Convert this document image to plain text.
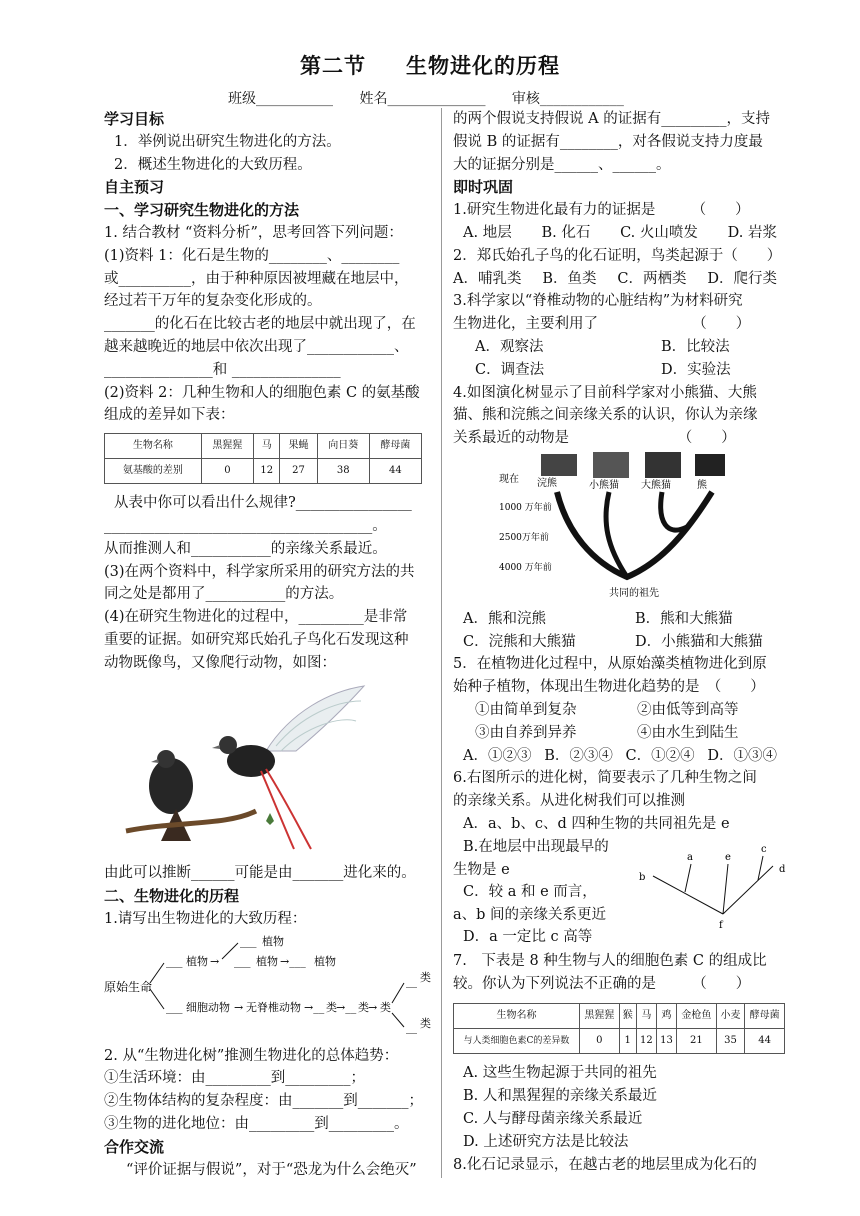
第二节 生物进化的历程
班级___________ 姓名______________ 审核____________

学习目标

1．举例说出研究生物进化的方法。

2．概述生物进化的大致历程。

自主预习

一、学习研究生物进化的方法

1. 结合教材 “资料分析”，思考回答下列问题：

(1)资料 1：化石是生物的________、________

或__________，由于种种原因被埋藏在地层中，

经过若干万年的复杂变化形成的。

_______的化石在比较古老的地层中就出现了，在

越来越晚近的地层中依次出现了____________、

_______________和 _______________

(2)资料 2：几种生物和人的细胞色素 C 的氨基酸

组成的差异如下表：

生物名称	黑猩猩	马	果蝇	向日葵	酵母菌
氨基酸的差别	0	12	27	38	44

从表中你可以看出什么规律?________________

_____________________________________。

从而推测人和___________的亲缘关系最近。

(3)在两个资料中，科学家所采用的研究方法的共

同之处是都用了___________的方法。

(4)在研究生物进化的过程中，_________是非常

重要的证据。如研究郑氏始孔子鸟化石发现这种

动物既像鸟，又像爬行动物，如图：

由此可以推断______可能是由_______进化来的。

二、生物进化的历程

1.请写出生物进化的大致历程：

原始生命
___ 植物 →
___ 植物
___ 植物 →___ 植物
___ 细胞动物 → 无脊椎动物 →__ 类 →__ 类 → 类
__ 类
__ 类

2. 从“生物进化树”推测生物进化的总体趋势：

①生活环境：由_________到_________；

②生物体结构的复杂程度：由_______到_______；

③生物的进化地位：由_________到_________。

合作交流

“评价证据与假说”，对于“恐龙为什么会绝灭”

的两个假说支持假说 A 的证据有_________，支持

假说 B 的证据有________，对各假说支持力度最

大的证据分别是______、______。

即时巩固

1.研究生物进化最有力的证据是　　　（　　）

A. 地层 B. 化石 C. 火山喷发 D. 岩浆

2．郑氏始孔子鸟的化石证明，鸟类起源于（　　）

A．哺乳类 B．鱼类 C．两栖类 D．爬行类

3.科学家以“脊椎动物的心脏结构”为材料研究

生物进化，主要利用了　　　　　　　（　　）

A．观察法	B．比较法
C．调查法	D．实验法

4.如图演化树显示了目前科学家对小熊猫、大熊

猫、熊和浣熊之间亲缘关系的认识，你认为亲缘

关系最近的动物是　　　　　　　　（　　）

现在 浣熊	小熊猫 大熊猫	熊
1000 万年前
2500万年前
4000 万年前
共同的祖先
A．熊和浣熊	B．熊和大熊猫
C．浣熊和大熊猫	D．小熊猫和大熊猫

5．在植物进化过程中，从原始藻类植物进化到原

始种子植物，体现出生物进化趋势的是　（　　）

①由简单到复杂	②由低等到高等
③由自养到异养	④由水生到陆生
A．①②③ B．②③④ C．①②④ D．①③④

6.右图所示的进化树，简要表示了几种生物之间

的亲缘关系。从进化树我们可以推测

A．a、b、c、d 四种生物的共同祖先是 e

B.在地层中出现最早的

生物是 e

C．较 a 和 e 而言，

a、b 间的亲缘关系更近

b
a	e
c
d
f

D．a 一定比 c 高等

7.　下表是 8 种生物与人的细胞色素 C 的组成比

较。你认为下列说法不正确的是　　　（　　）

生物名称	黑猩猩	猴	马	鸡	金枪鱼	小麦	酵母菌
与人类细胞色素C的差异数	0	1	12	13	21	35	44

A. 这些生物起源于共同的祖先

B. 人和黑猩猩的亲缘关系最近

C. 人与酵母菌亲缘关系最近

D. 上述研究方法是比较法

8.化石记录显示，在越古老的地层里成为化石的
